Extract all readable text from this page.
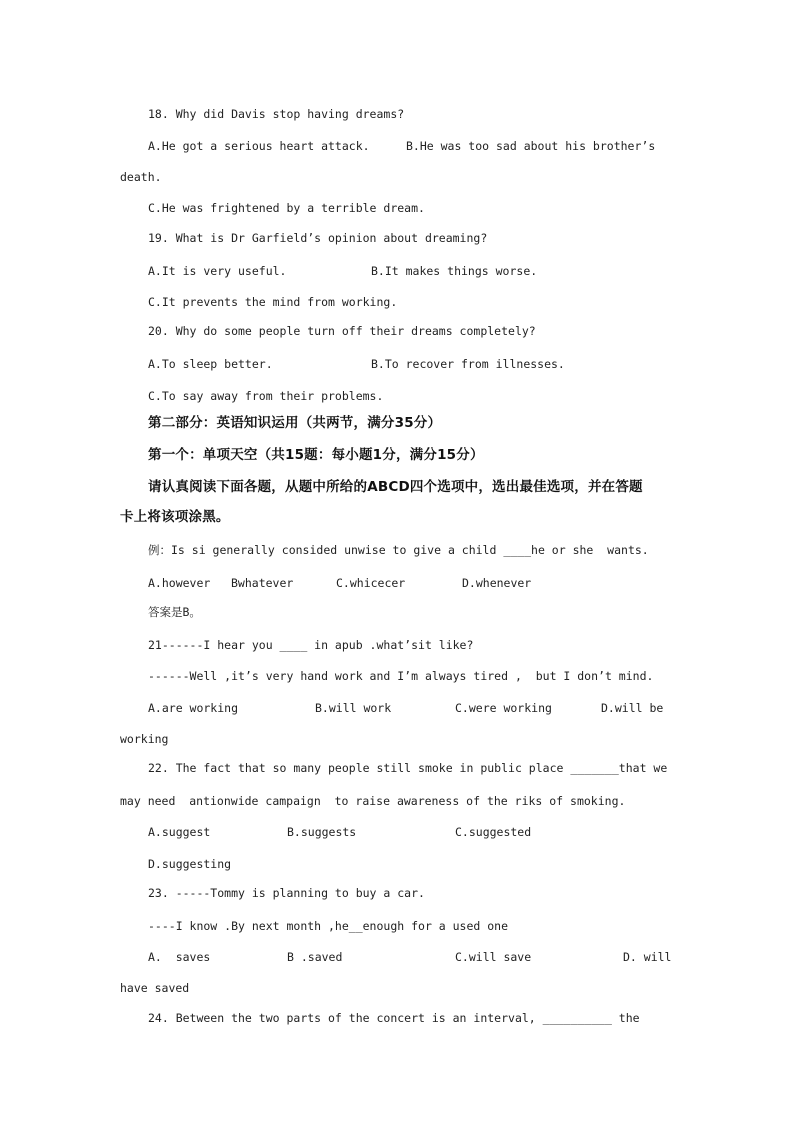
18. Why did Davis stop having dreams?
A.He got a serious heart attack.	B.He was too sad about his brother’s
death.
C.He was frightened by a terrible dream.
19. What is Dr Garfield’s opinion about dreaming?
A.It is very useful.	B.It makes things worse.
C.It prevents the mind from working.
20. Why do some people turn off their dreams completely?
A.To sleep better.	B.To recover from illnesses.
C.To say away from their problems.
第二部分：英语知识运用（共两节，满分35分）
第一个：单项天空（共15题：每小题1分，满分15分）
请认真阅读下面各题，从题中所给的ABCD四个选项中，选出最佳选项，并在答题
卡上将该项涂黑。
例：Is si generally consided unwise to give a child ____he or she  wants.
A.however Bwhatever	C.whicecer	D.whenever
答案是B。
21------I hear you ____ in apub .what’sit like?
------Well ,it’s very hand work and I’m always tired ,  but I don’t mind.
A.are working	B.will work	C.were working	D.will be
working
22. The fact that so many people still smoke in public place _______that we
may need  antionwide campaign  to raise awareness of the riks of smoking.
A.suggest	B.suggests	C.suggested
D.suggesting
23. -----Tommy is planning to buy a car.
----I know .By next month ,he__enough for a used one
A.  saves	B .saved	C.will save	D. will
have saved
24. Between the two parts of the concert is an interval, __________ the
